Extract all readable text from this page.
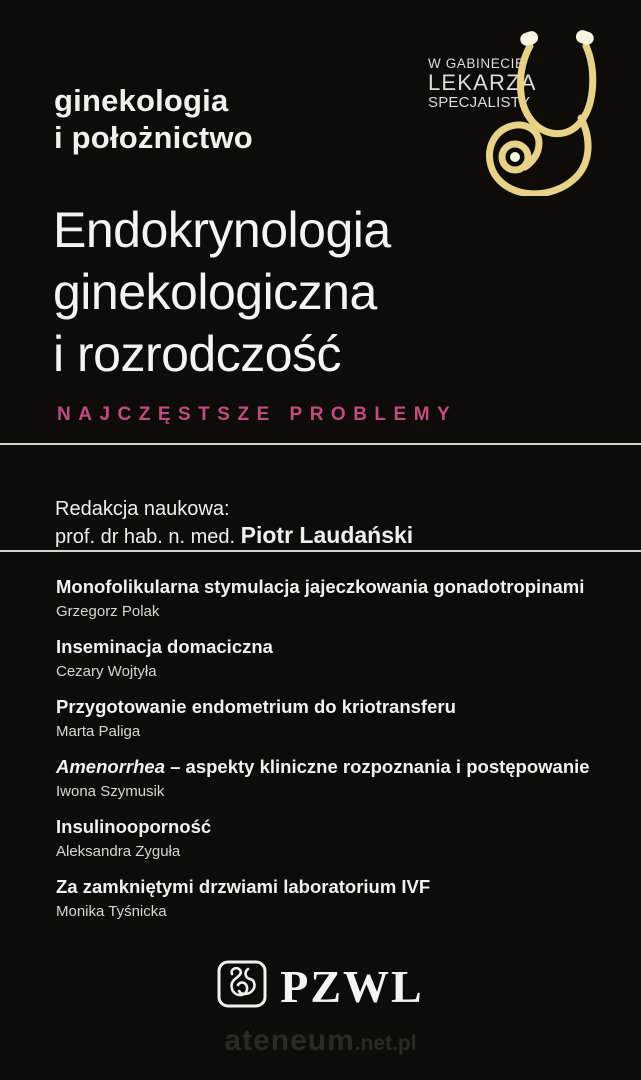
ginekologia
i położnictwo
W GABINECIE
LEKARZA
SPECJALISTY
Endokrynologia
ginekologiczna
i rozrodczość
NAJCZĘSTSZE PROBLEMY
Redakcja naukowa:
prof. dr hab. n. med. Piotr Laudański
Monofolikularna stymulacja jajeczkowania gonadotropinami
Grzegorz Polak
Inseminacja domaciczna
Cezary Wojtyła
Przygotowanie endometrium do kriotransferu
Marta Paliga
Amenorrhea – aspekty kliniczne rozpoznania i postępowanie
Iwona Szymusik
Insulinooporność
Aleksandra Zyguła
Za zamkniętymi drzwiami laboratorium IVF
Monika Tyśnicka
PZWL
ateneum.net.pl
